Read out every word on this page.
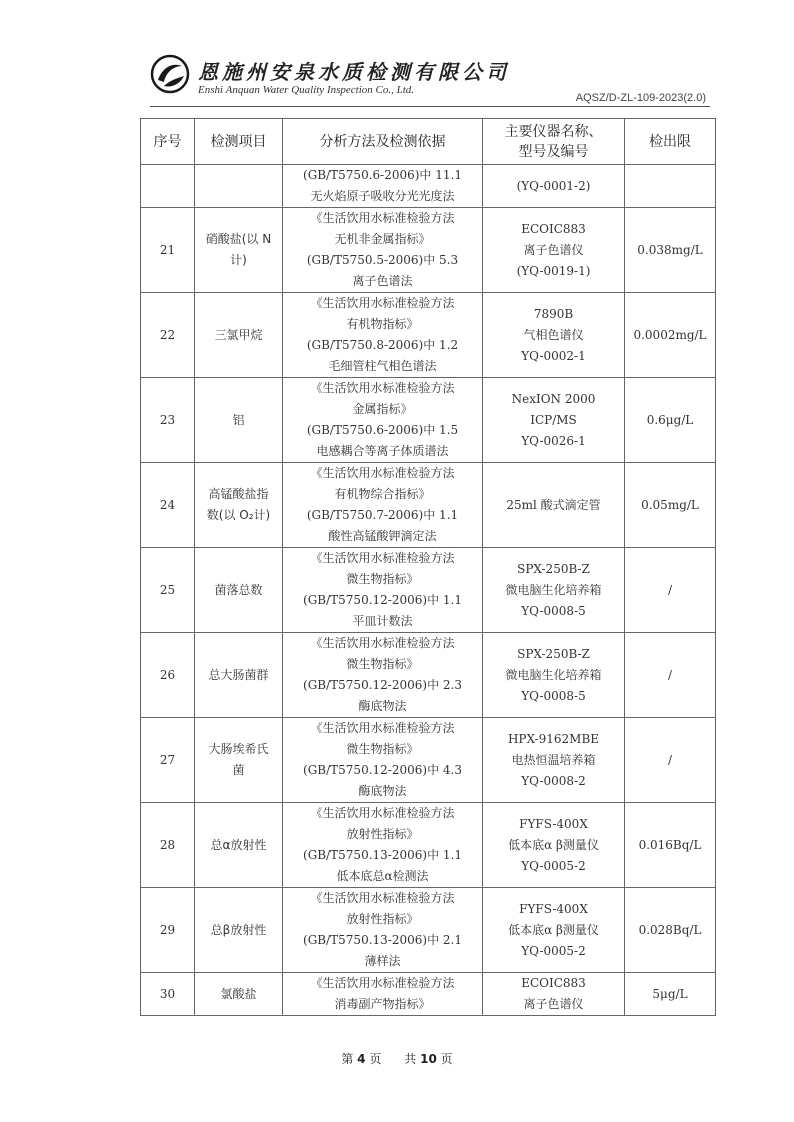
恩施州安泉水质检测有限公司
Enshi Anquan Water Quality Inspection Co., Ltd.
AQSZ/D-ZL-109-2023(2.0)
序号	检测项目	分析方法及检测依据	主要仪器名称、
型号及编号	检出限
		(GB/T5750.6-2006)中 11.1
无火焰原子吸收分光光度法	(YQ-0001-2)	
21	硝酸盐(以 N
计)	《生活饮用水标准检验方法
无机非金属指标》
(GB/T5750.5-2006)中 5.3
离子色谱法	ECOIC883
离子色谱仪
(YQ-0019-1)	0.038mg/L
22	三氯甲烷	《生活饮用水标准检验方法
有机物指标》
(GB/T5750.8-2006)中 1.2
毛细管柱气相色谱法	7890B
气相色谱仪
YQ-0002-1	0.0002mg/L
23	铝	《生活饮用水标准检验方法
金属指标》
(GB/T5750.6-2006)中 1.5
电感耦合等离子体质谱法	NexION 2000
ICP/MS
YQ-0026-1	0.6μg/L
24	高锰酸盐指
数(以 O₂计)	《生活饮用水标准检验方法
有机物综合指标》
(GB/T5750.7-2006)中 1.1
酸性高锰酸钾滴定法	25ml 酸式滴定管	0.05mg/L
25	菌落总数	《生活饮用水标准检验方法
微生物指标》
(GB/T5750.12-2006)中 1.1
平皿计数法	SPX-250B-Z
微电脑生化培养箱
YQ-0008-5	/
26	总大肠菌群	《生活饮用水标准检验方法
微生物指标》
(GB/T5750.12-2006)中 2.3
酶底物法	SPX-250B-Z
微电脑生化培养箱
YQ-0008-5	/
27	大肠埃希氏
菌	《生活饮用水标准检验方法
微生物指标》
(GB/T5750.12-2006)中 4.3
酶底物法	HPX-9162MBE
电热恒温培养箱
YQ-0008-2	/
28	总α放射性	《生活饮用水标准检验方法
放射性指标》
(GB/T5750.13-2006)中 1.1
低本底总α检测法	FYFS-400X
低本底α β测量仪
YQ-0005-2	0.016Bq/L
29	总β放射性	《生活饮用水标准检验方法
放射性指标》
(GB/T5750.13-2006)中 2.1
薄样法	FYFS-400X
低本底α β测量仪
YQ-0005-2	0.028Bq/L
30	氯酸盐	《生活饮用水标准检验方法
消毒副产物指标》	ECOIC883
离子色谱仪	5μg/L
第 4 页 共 10 页
